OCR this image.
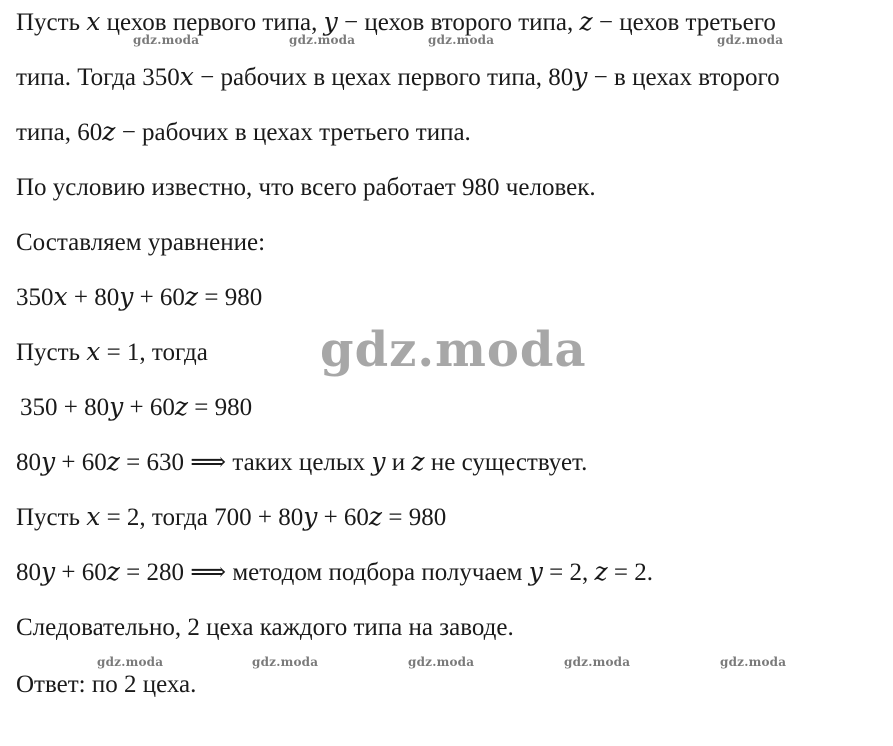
Пусть 𝑥 цехов первого типа, 𝑦 − цехов второго типа, 𝑧 − цехов третьего
типа. Тогда 350𝑥 − рабочих в цехах первого типа, 80𝑦 − в цехах второго
типа, 60𝑧 − рабочих в цехах третьего типа.
По условию известно, что всего работает 980 человек.
Составляем уравнение:
350𝑥 + 80𝑦 + 60𝑧 = 980
Пусть 𝑥 = 1, тогда
350 + 80𝑦 + 60𝑧 = 980
80𝑦 + 60𝑧 = 630 ⟹ таких целых 𝑦 и 𝑧 не существует.
Пусть 𝑥 = 2, тогда 700 + 80𝑦 + 60𝑧 = 980
80𝑦 + 60𝑧 = 280 ⟹ методом подбора получаем 𝑦 = 2, 𝑧 = 2.
Следовательно, 2 цеха каждого типа на заводе.
Ответ: по 2 цеха.
gdz.moda	gdz.moda	gdz.moda	gdz.moda
gdz.moda
gdz.moda	gdz.moda	gdz.moda	gdz.moda	gdz.moda
